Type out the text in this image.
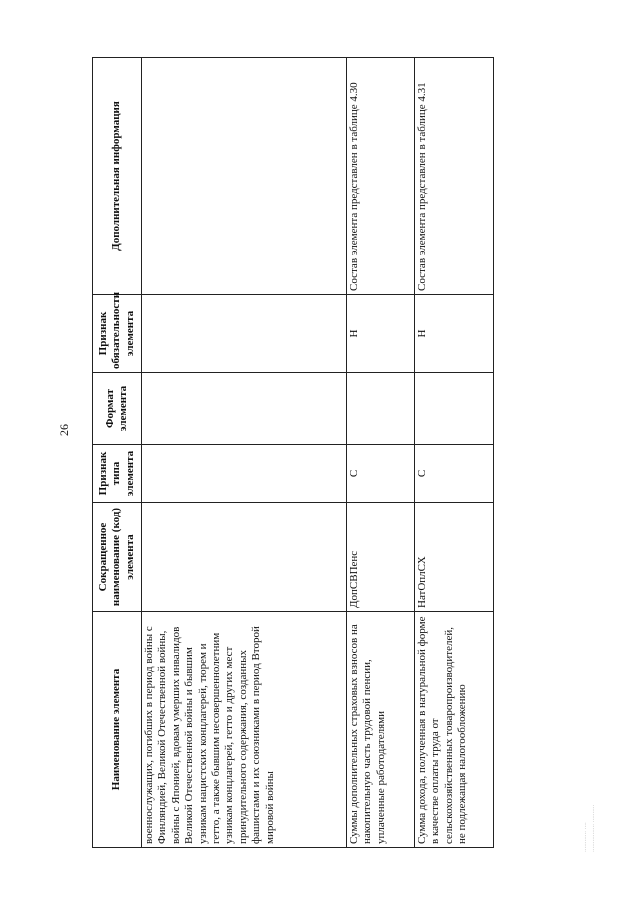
26
Наименование элемента	Сокращенное наименование (код) элемента	Признак типа элемента	Формат элемента	Признак обязательности элемента	Дополнительная информация
военнослужащих, погибших в период войны с Финляндией, Великой Отечественной войны, войны с Японией, вдовам умерших инвалидов Великой Отечественной войны и бывшим узникам нацистских концлагерей, тюрем и гетто, а также бывшим несовершеннолетним узникам концлагерей, гетто и других мест принудительного содержания, созданных фашистами и их союзниками в период Второй мировой войны					
Суммы дополнительных страховых взносов на накопительную часть трудовой пенсии, уплаченные работодателями	ДопСВПенс	С		Н	Состав элемента представлен в таблице 4.30
Сумма дохода, полученная в натуральной форме в качестве оплаты труда от сельскохозяйственных товаропроизводителей, не подлежащая налогообложению	НатОплСХ	С		Н	Состав элемента представлен в таблице 4.31
············ ···· ················ ··········
